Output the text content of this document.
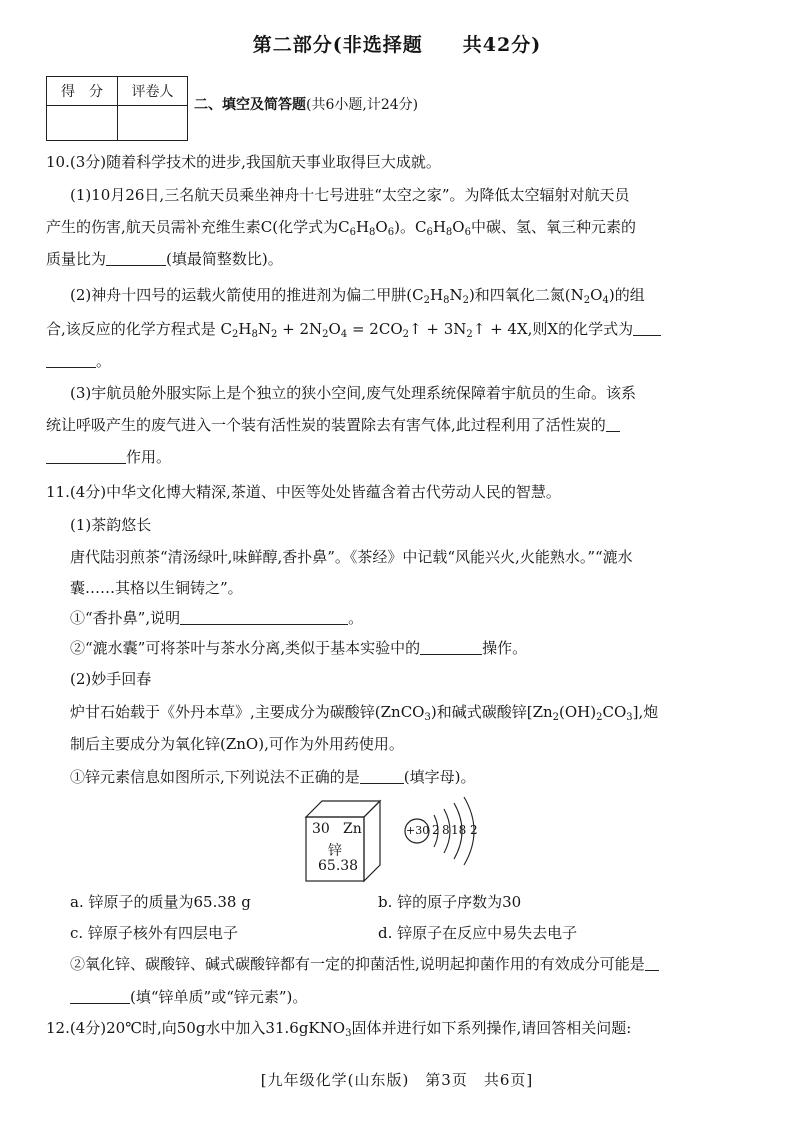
第二部分(非选择题　　共42分)
得　分	评卷人

二、填空及简答题(共6小题,计24分)
10.(3分)随着科学技术的进步,我国航天事业取得巨大成就。
(1)10月26日,三名航天员乘坐神舟十七号进驻“太空之家”。为降低太空辐射对航天员
产生的伤害,航天员需补充维生素C(化学式为$C_6H_8O_6$)。$C_6H_8O_6$中碳、氢、氧三种元素的
质量比为	(填最简整数比)。
(2)神舟十四号的运载火箭使用的推进剂为偏二甲肼$(C_2H_8N_2)$和四氧化二氮$(N_2O_4)$的组
合,该反应的化学方程式是 $C_2H_8N_2 + 2N_2O_4$ = $2CO_2↑$ + $3N_2↑ + 4X$,则X的化学式为
。
(3)宇航员舱外服实际上是个独立的狭小空间,废气处理系统保障着宇航员的生命。该系
统让呼吸产生的废气进入一个装有活性炭的装置除去有害气体,此过程利用了活性炭的
作用。
11.(4分)中华文化博大精深,茶道、中医等处处皆蕴含着古代劳动人民的智慧。
(1)茶韵悠长
唐代陆羽煎茶“清汤绿叶,味鲜醇,香扑鼻”。《茶经》中记载“风能兴火,火能熟水。”“漉水
囊……其格以生铜铸之”。
①“香扑鼻”,说明	。
②“漉水囊”可将茶叶与茶水分离,类似于基本实验中的	操作。
(2)妙手回春
炉甘石始载于《外丹本草》,主要成分为碳酸锌(ZnCO$_3$)和碱式碳酸锌$[Zn_2(OH)_2CO_3]$,炮
制后主要成分为氧化锌(ZnO),可作为外用药使用。
①锌元素信息如图所示,下列说法不正确的是	(填字母)。
30 Zn
锌
65.38
+30 2 8 18 2
a. 锌原子的质量为65.38 g	b. 锌的原子序数为30
c. 锌原子核外有四层电子	d. 锌原子在反应中易失去电子
②氧化锌、碳酸锌、碱式碳酸锌都有一定的抑菌活性,说明起抑菌作用的有效成分可能是
(填“锌单质”或“锌元素”)。
12.(4分)20℃时,向50g水中加入31.6gKNO$_3$固体并进行如下系列操作,请回答相关问题:
[九年级化学(山东版)　第3页　共6页]
